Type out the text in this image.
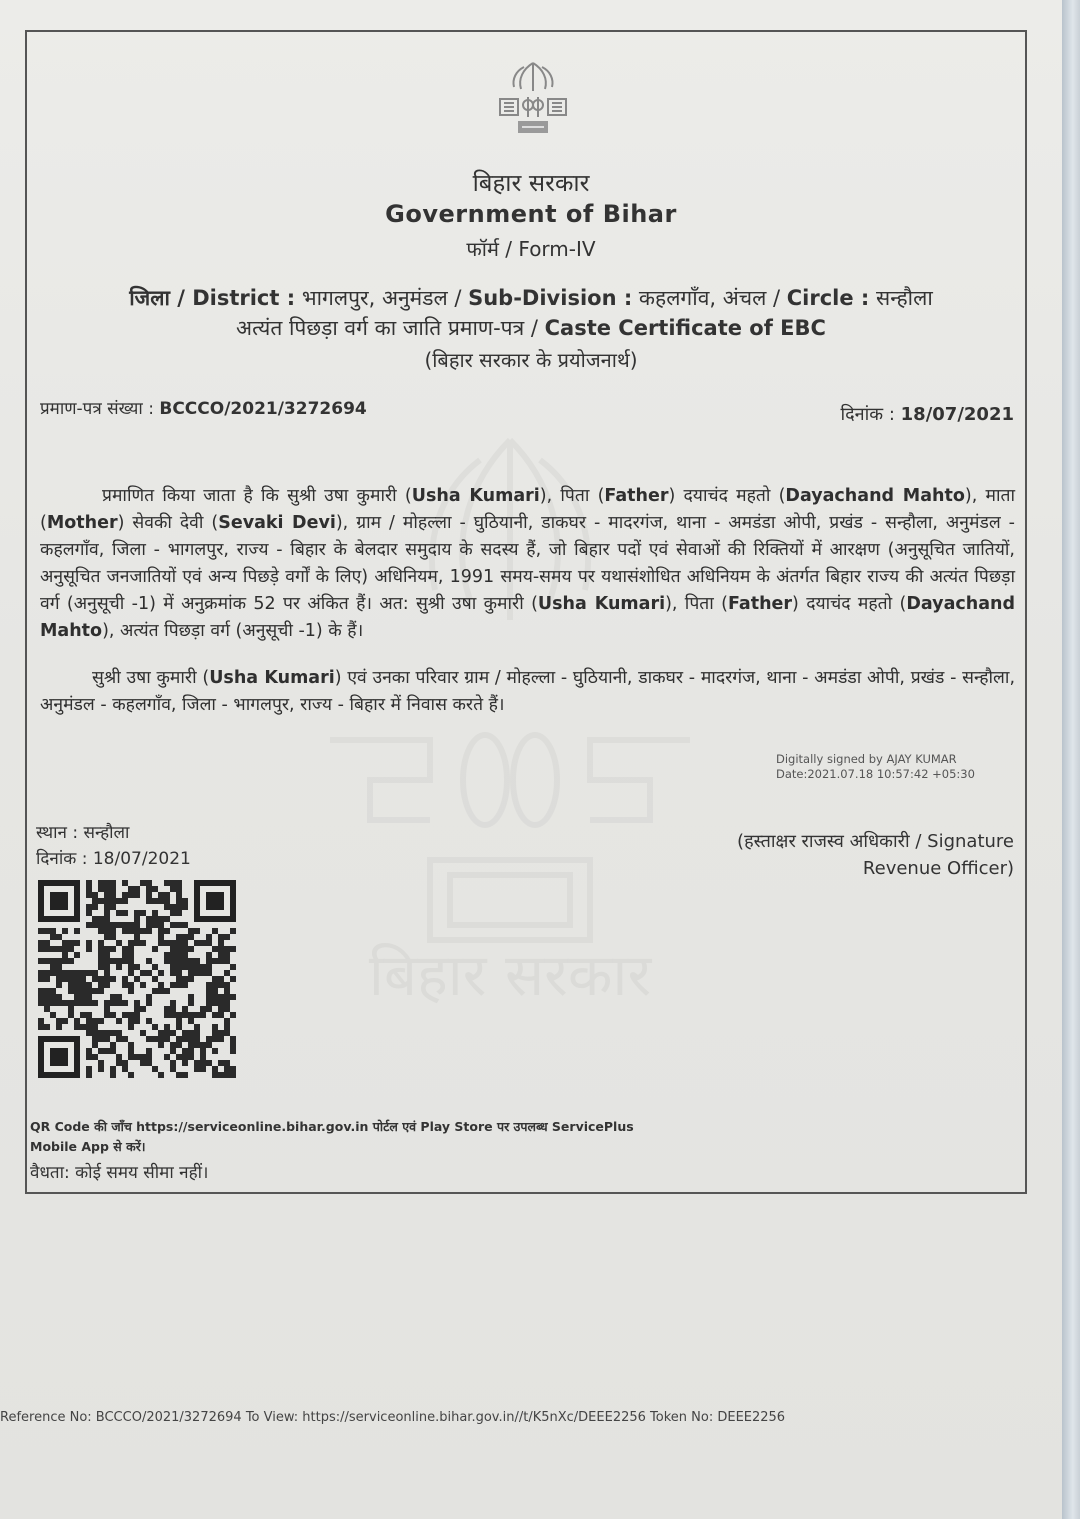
बिहार सरकार
बिहार सरकार
Government of Bihar
फॉर्म / Form-IV
जिला / District : भागलपुर, अनुमंडल / Sub-Division : कहलगाँव, अंचल / Circle : सन्हौला
अत्यंत पिछड़ा वर्ग का जाति प्रमाण-पत्र / Caste Certificate of EBC
(बिहार सरकार के प्रयोजनार्थ)
प्रमाण-पत्र संख्या : BCCCO/2021/3272694	दिनांक : 18/07/2021
प्रमाणित किया जाता है कि सुश्री उषा कुमारी (Usha Kumari), पिता (Father) दयाचंद महतो (Dayachand Mahto), माता (Mother) सेवकी देवी (Sevaki Devi), ग्राम / मोहल्ला - घुठियानी, डाकघर - मादरगंज, थाना - अमडंडा ओपी, प्रखंड - सन्हौला, अनुमंडल - कहलगाँव, जिला - भागलपुर, राज्य - बिहार के बेलदार समुदाय के सदस्य हैं, जो बिहार पदों एवं सेवाओं की रिक्तियों में आरक्षण (अनुसूचित जातियों, अनुसूचित जनजातियों एवं अन्य पिछड़े वर्गों के लिए) अधिनियम, 1991 समय-समय पर यथासंशोधित अधिनियम के अंतर्गत बिहार राज्य की अत्यंत पिछड़ा वर्ग (अनुसूची -1) में अनुक्रमांक 52 पर अंकित हैं। अत: सुश्री उषा कुमारी (Usha Kumari), पिता (Father) दयाचंद महतो (Dayachand Mahto), अत्यंत पिछड़ा वर्ग (अनुसूची -1) के हैं।
सुश्री उषा कुमारी (Usha Kumari) एवं उनका परिवार ग्राम / मोहल्ला - घुठियानी, डाकघर - मादरगंज, थाना - अमडंडा ओपी, प्रखंड - सन्हौला, अनुमंडल - कहलगाँव, जिला - भागलपुर, राज्य - बिहार में निवास करते हैं।
Digitally signed by AJAY KUMAR
Date:2021.07.18 10:57:42 +05:30
स्थान : सन्हौला
दिनांक : 18/07/2021
(हस्ताक्षर राजस्व अधिकारी / Signature
Revenue Officer)
QR Code की जाँच https://serviceonline.bihar.gov.in पोर्टल एवं Play Store पर उपलब्ध ServicePlus Mobile App से करें।
वैधता: कोई समय सीमा नहीं।
Reference No: BCCCO/2021/3272694 To View: https://serviceonline.bihar.gov.in//t/K5nXc/DEEE2256 Token No: DEEE2256
